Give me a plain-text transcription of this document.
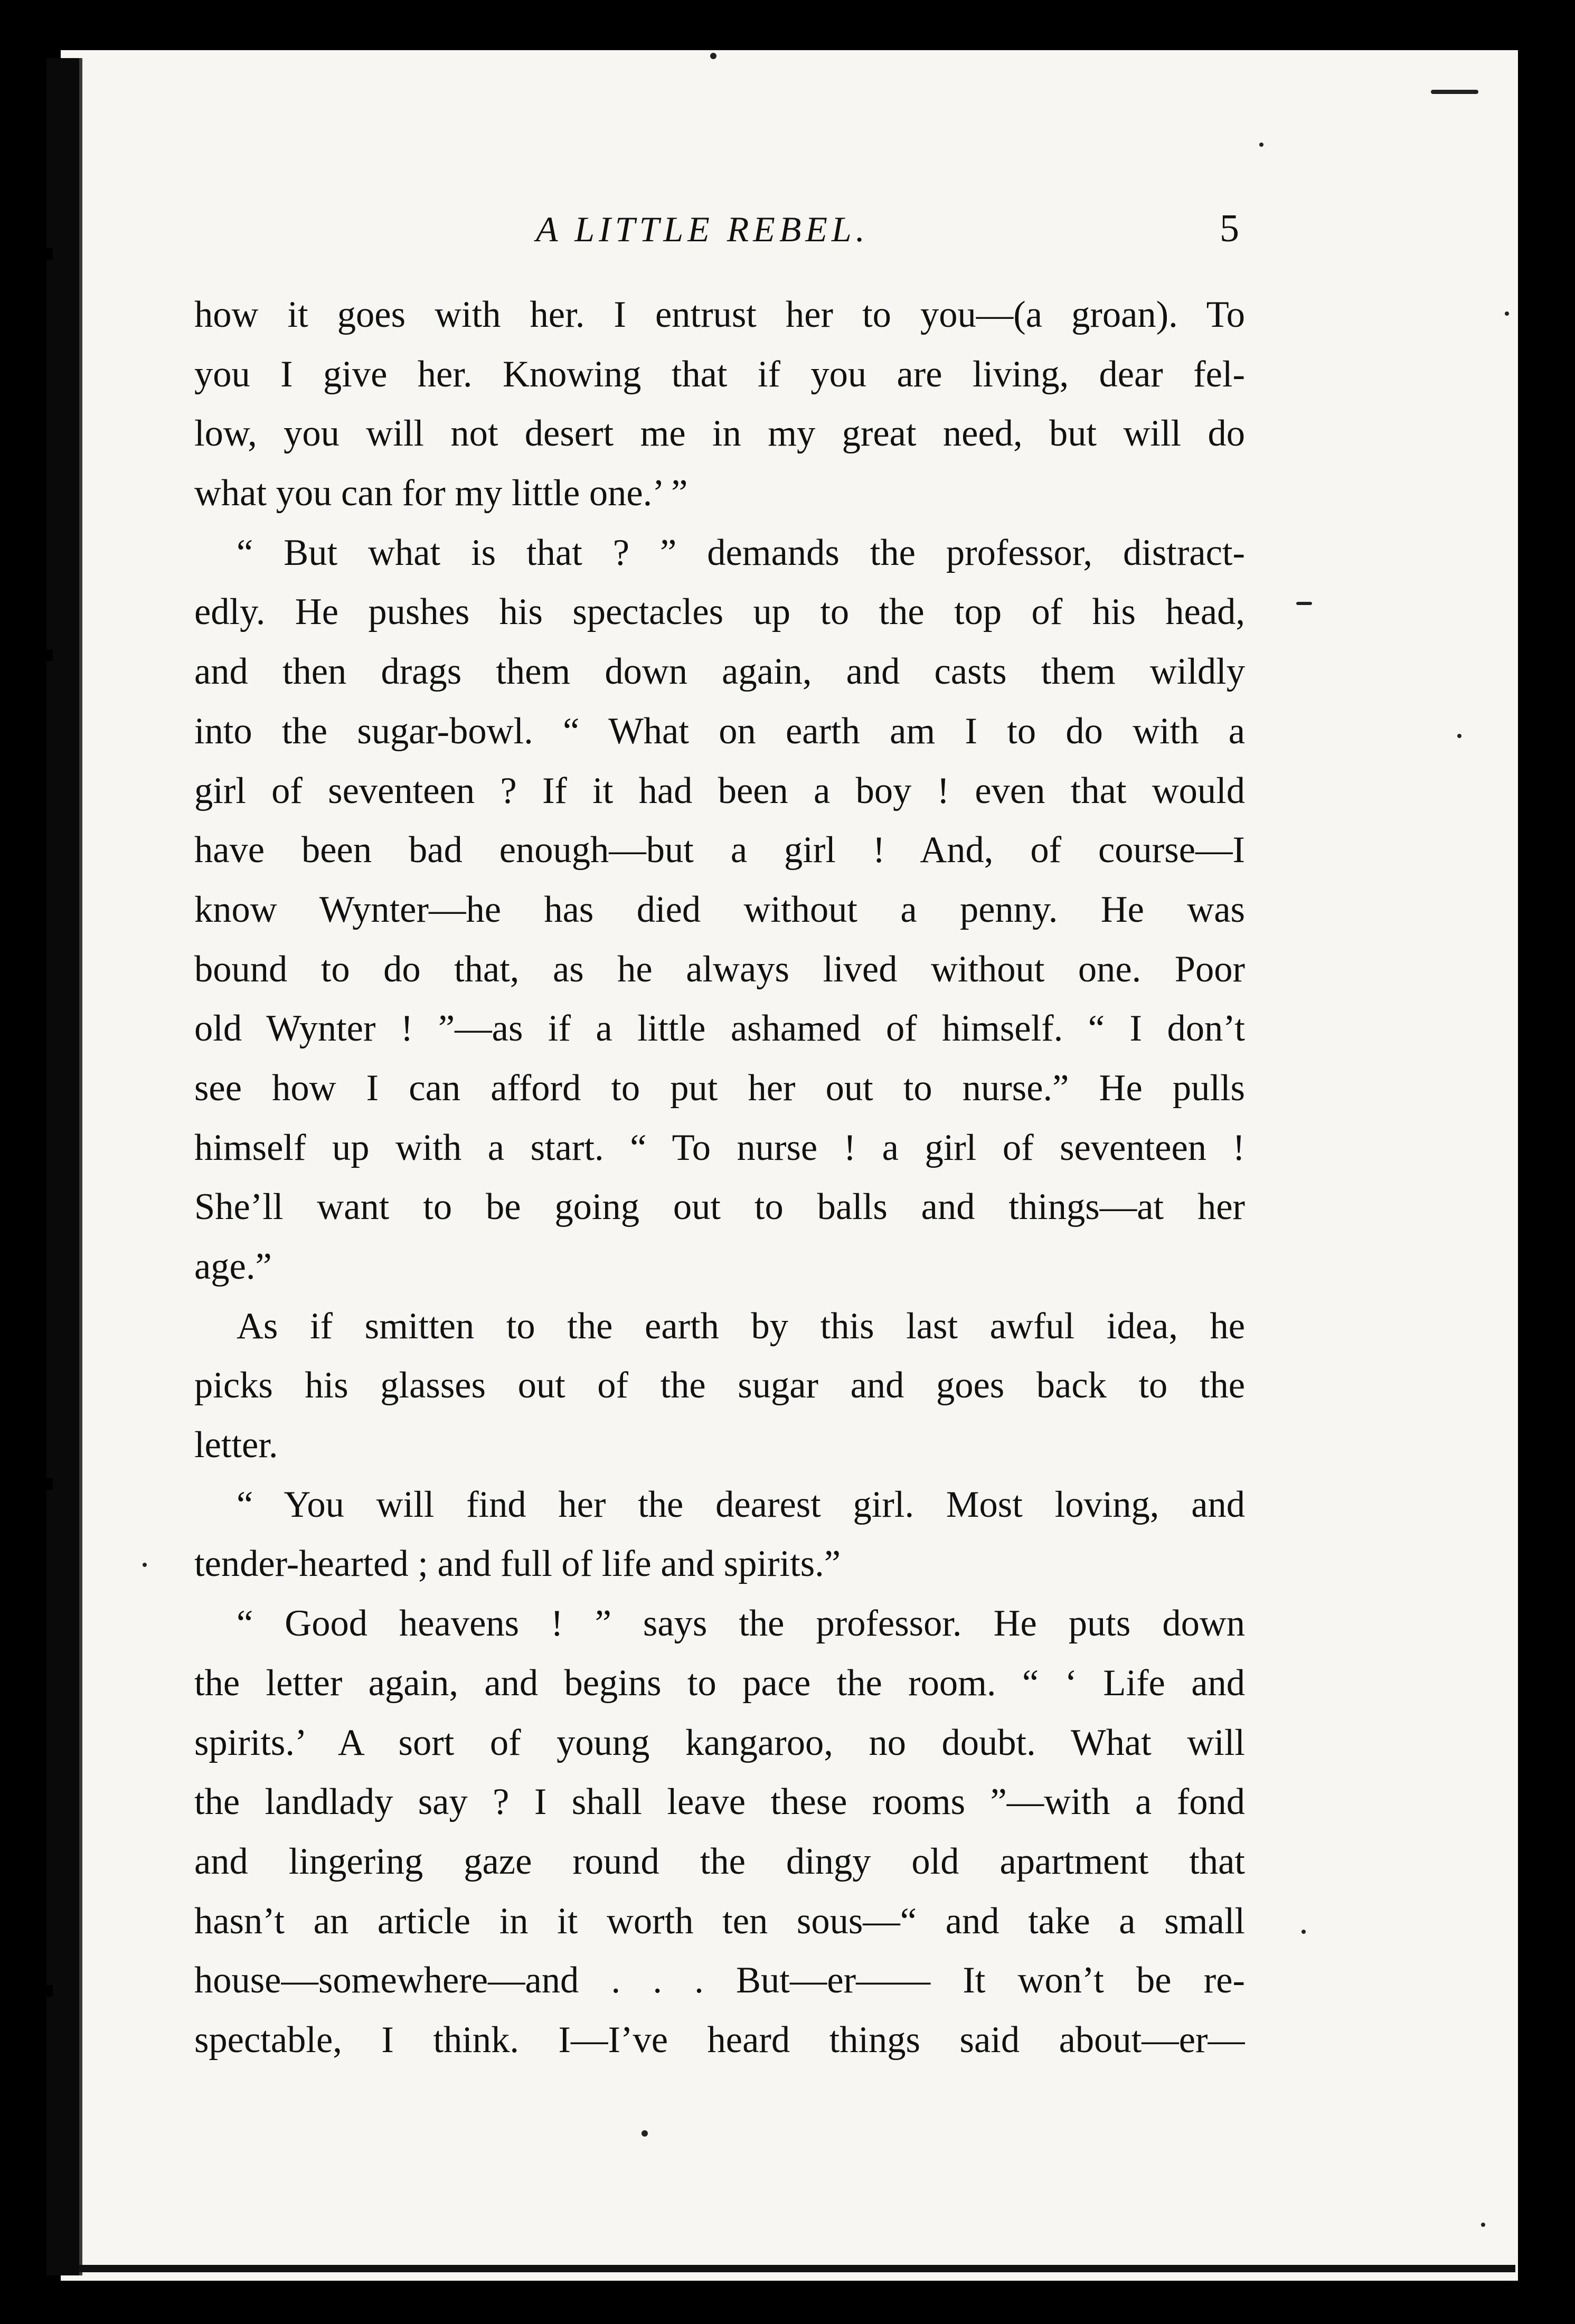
A LITTLE REBEL.	5
how it goes with her. I entrust her to you—(a groan). To
you I give her. Knowing that if you are living, dear fel-
low, you will not desert me in my great need, but will do
what you can for my little one.’ ”
“ But what is that ? ” demands the professor, distract-
edly. He pushes his spectacles up to the top of his head,
and then drags them down again, and casts them wildly
into the sugar-bowl. “ What on earth am I to do with a
girl of seventeen ? If it had been a boy ! even that would
have been bad enough—but a girl ! And, of course—I
know Wynter—he has died without a penny. He was
bound to do that, as he always lived without one. Poor
old Wynter ! ”—as if a little ashamed of himself. “ I don’t
see how I can afford to put her out to nurse.” He pulls
himself up with a start. “ To nurse ! a girl of seventeen !
She’ll want to be going out to balls and things—at her
age.”
As if smitten to the earth by this last awful idea, he
picks his glasses out of the sugar and goes back to the
letter.
“ You will find her the dearest girl. Most loving, and
tender-hearted ; and full of life and spirits.”
“ Good heavens ! ” says the professor. He puts down
the letter again, and begins to pace the room. “ ‘ Life and
spirits.’ A sort of young kangaroo, no doubt. What will
the landlady say ? I shall leave these rooms ”—with a fond
and lingering gaze round the dingy old apartment that
hasn’t an article in it worth ten sous—“ and take a small
house—somewhere—and . . . But—er—— It won’t be re-
spectable, I think. I—I’ve heard things said about—er—
